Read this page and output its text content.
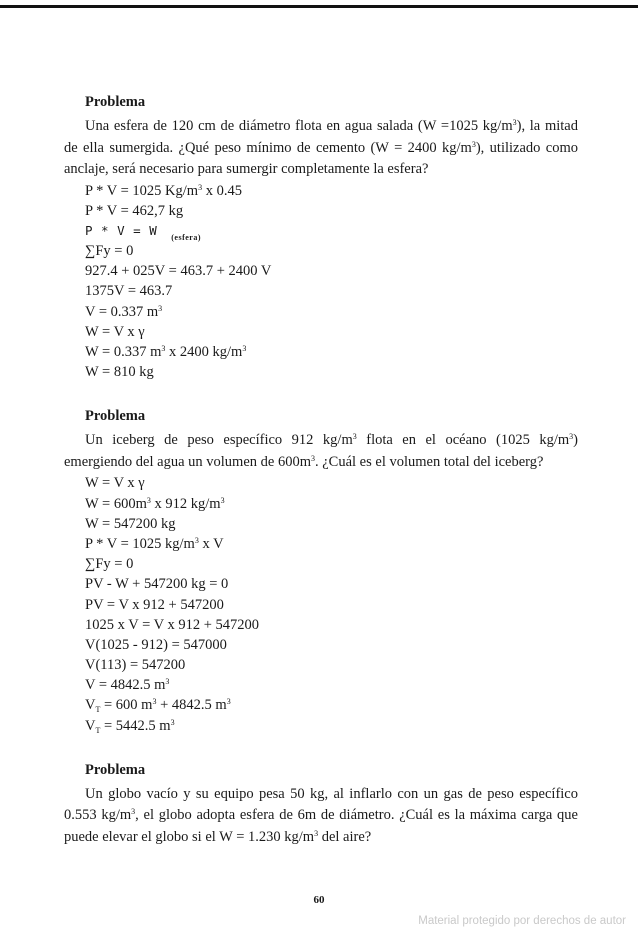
Problema

Una esfera de 120 cm de diámetro flota en agua salada (W =1025 $kg/m^3$), la mitad de ella sumergida. ¿Qué peso mínimo de cemento (W = 2400 $kg/m^3$), utilizado como anclaje, será necesario para sumergir completamente la esfera?

P * V = 1025 $Kg/m^3$ x 0.45
P * V = 462,7 kg
P * V = W $_{(esfera)}$
∑Fy = 0
927.4 + 025V = 463.7 + 2400 V
1375V = 463.7
V = 0.337 $m^3$
W = V x γ
W = 0.337 $m^3$ x 2400 $kg/m^3$
W = 810 kg
Problema

Un iceberg de peso específico 912 $kg/m^3$ flota en el océano (1025 $kg/m^3$) emergiendo del agua un volumen de $600m^3$. ¿Cuál es el volumen total del iceberg?

W = V x γ
$W = 600m^3$ x 912 $kg/m^3$
W = 547200 kg
P * V = 1025 $kg/m^3$ x V
∑Fy = 0
PV - W + 547200 kg = 0
PV = V x 912 + 547200
1025 x V = V x 912 + 547200
V(1025 - 912) = 547000
V(113) = 547200
V = 4842.5 $m^3$
$V_T = 600$ $m^3 + 4842.5$ $m^3$
$V_T = 5442.5$ $m^3$
Problema

Un globo vacío y su equipo pesa 50 kg, al inflarlo con un gas de peso específico 0.553 $kg/m^3$, el globo adopta esfera de 6m de diámetro. ¿Cuál es la máxima carga que puede elevar el globo si el W = 1.230 $kg/m^3$ del aire?

60
Material protegido por derechos de autor
